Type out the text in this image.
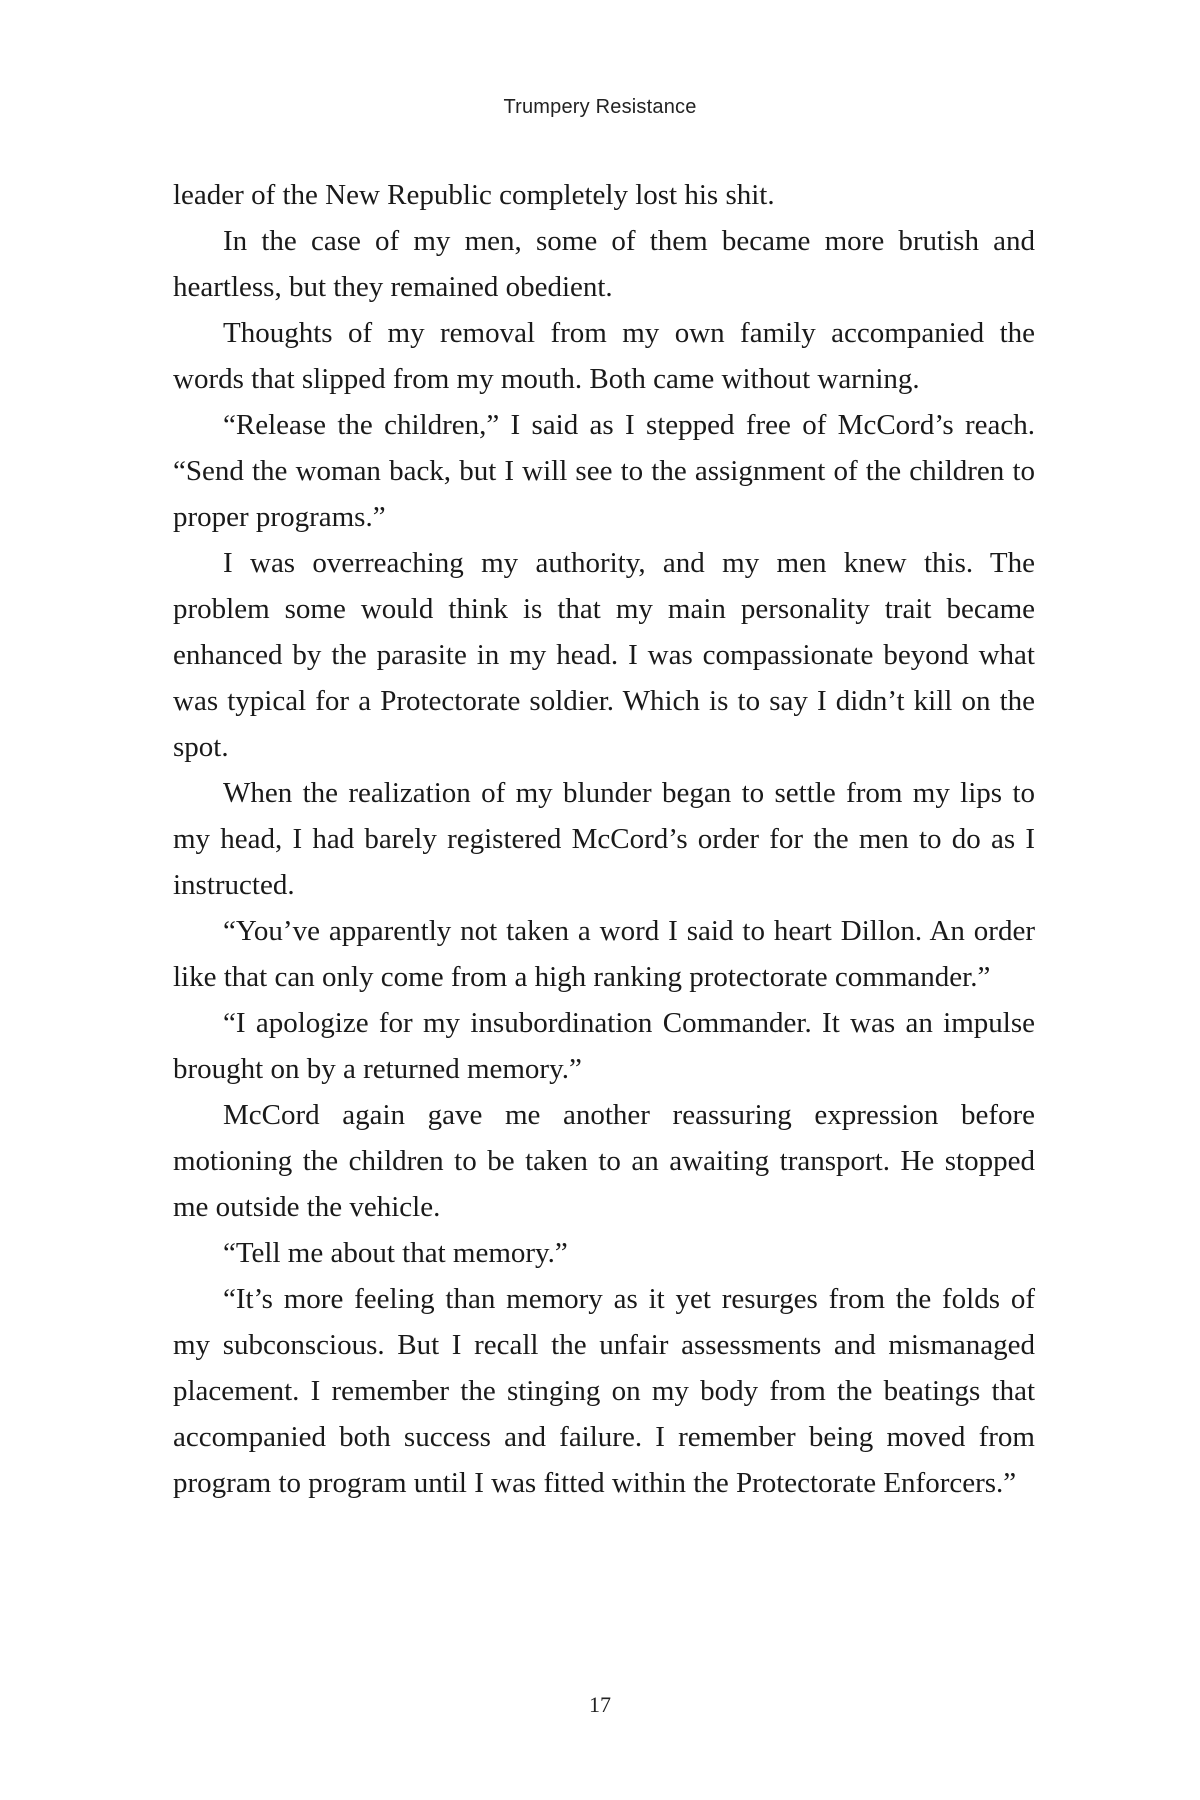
Trumpery Resistance

leader of the New Republic completely lost his shit.

In the case of my men, some of them became more brutish and heartless, but they remained obedient.

Thoughts of my removal from my own family accompanied the words that slipped from my mouth. Both came without warning.

“Release the children,” I said as I stepped free of McCord’s reach. “Send the woman back, but I will see to the assignment of the children to proper programs.”

I was overreaching my authority, and my men knew this. The problem some would think is that my main personality trait became enhanced by the parasite in my head. I was compassionate beyond what was typical for a Protectorate soldier. Which is to say I didn’t kill on the spot.

When the realization of my blunder began to settle from my lips to my head, I had barely registered McCord’s order for the men to do as I instructed.

“You’ve apparently not taken a word I said to heart Dillon. An order like that can only come from a high ranking protectorate commander.”

“I apologize for my insubordination Commander. It was an impulse brought on by a returned memory.”

McCord again gave me another reassuring expression before motioning the children to be taken to an awaiting transport. He stopped me outside the vehicle.

“Tell me about that memory.”

“It’s more feeling than memory as it yet resurges from the folds of my subconscious. But I recall the unfair assessments and mismanaged placement. I remember the stinging on my body from the beatings that accompanied both success and failure. I remember being moved from program to program until I was fitted within the Protectorate Enforcers.”

17
